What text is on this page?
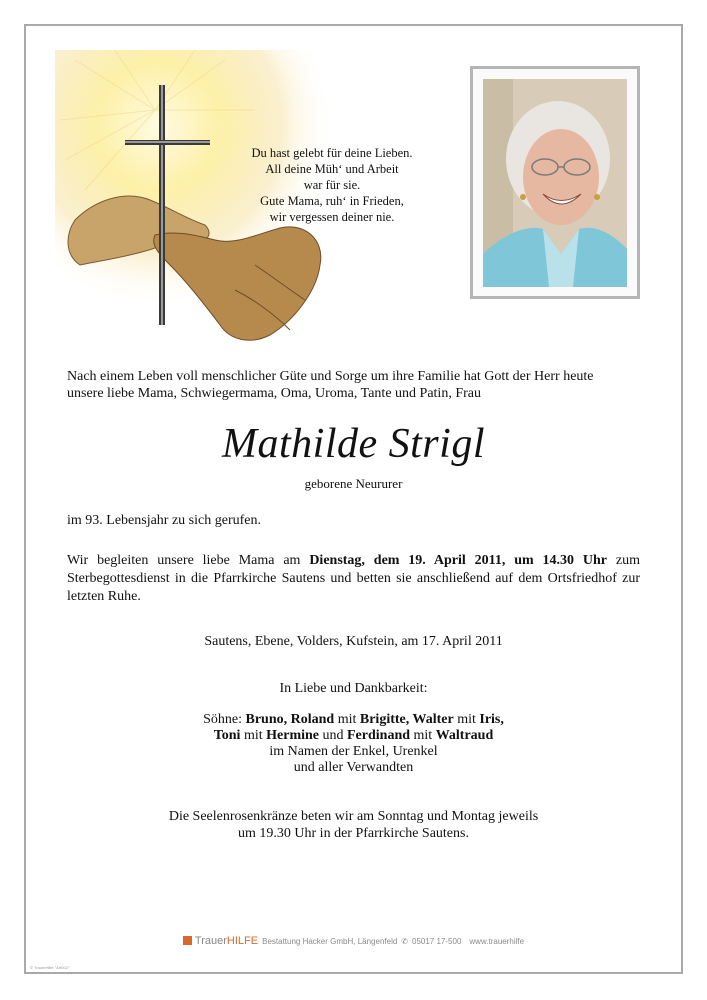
Du hast gelebt für deine Lieben.
All deine Müh‘ und Arbeit
war für sie.
Gute Mama, ruh‘ in Frieden,
wir vergessen deiner nie.
Nach einem Leben voll menschlicher Güte und Sorge um ihre Familie hat Gott der Herr heute
unsere liebe Mama, Schwiegermama, Oma, Uroma, Tante und Patin, Frau
Mathilde Strigl
geborene Neururer
im 93. Lebensjahr zu sich gerufen.
Wir begleiten unsere liebe Mama am Dienstag, dem 19. April 2011, um 14.30 Uhr zum Sterbegottesdienst in die Pfarrkirche Sautens und betten sie anschließend auf dem Ortsfriedhof zur letzten Ruhe.
Sautens, Ebene, Volders, Kufstein, am 17. April 2011
In Liebe und Dankbarkeit:
Söhne: Bruno, Roland mit Brigitte, Walter mit Iris,
Toni mit Hermine und Ferdinand mit Waltraud
im Namen der Enkel, Urenkel
und aller Verwandten
Die Seelenrosenkränze beten wir am Sonntag und Montag jeweils
um 19.30 Uhr in der Pfarrkirche Sautens.
TrauerHILFE Bestattung Hacker GmbH, Längenfeld ✆ 05017 17-500 www.trauerhilfe
© TrauerHilfe "Art002"
